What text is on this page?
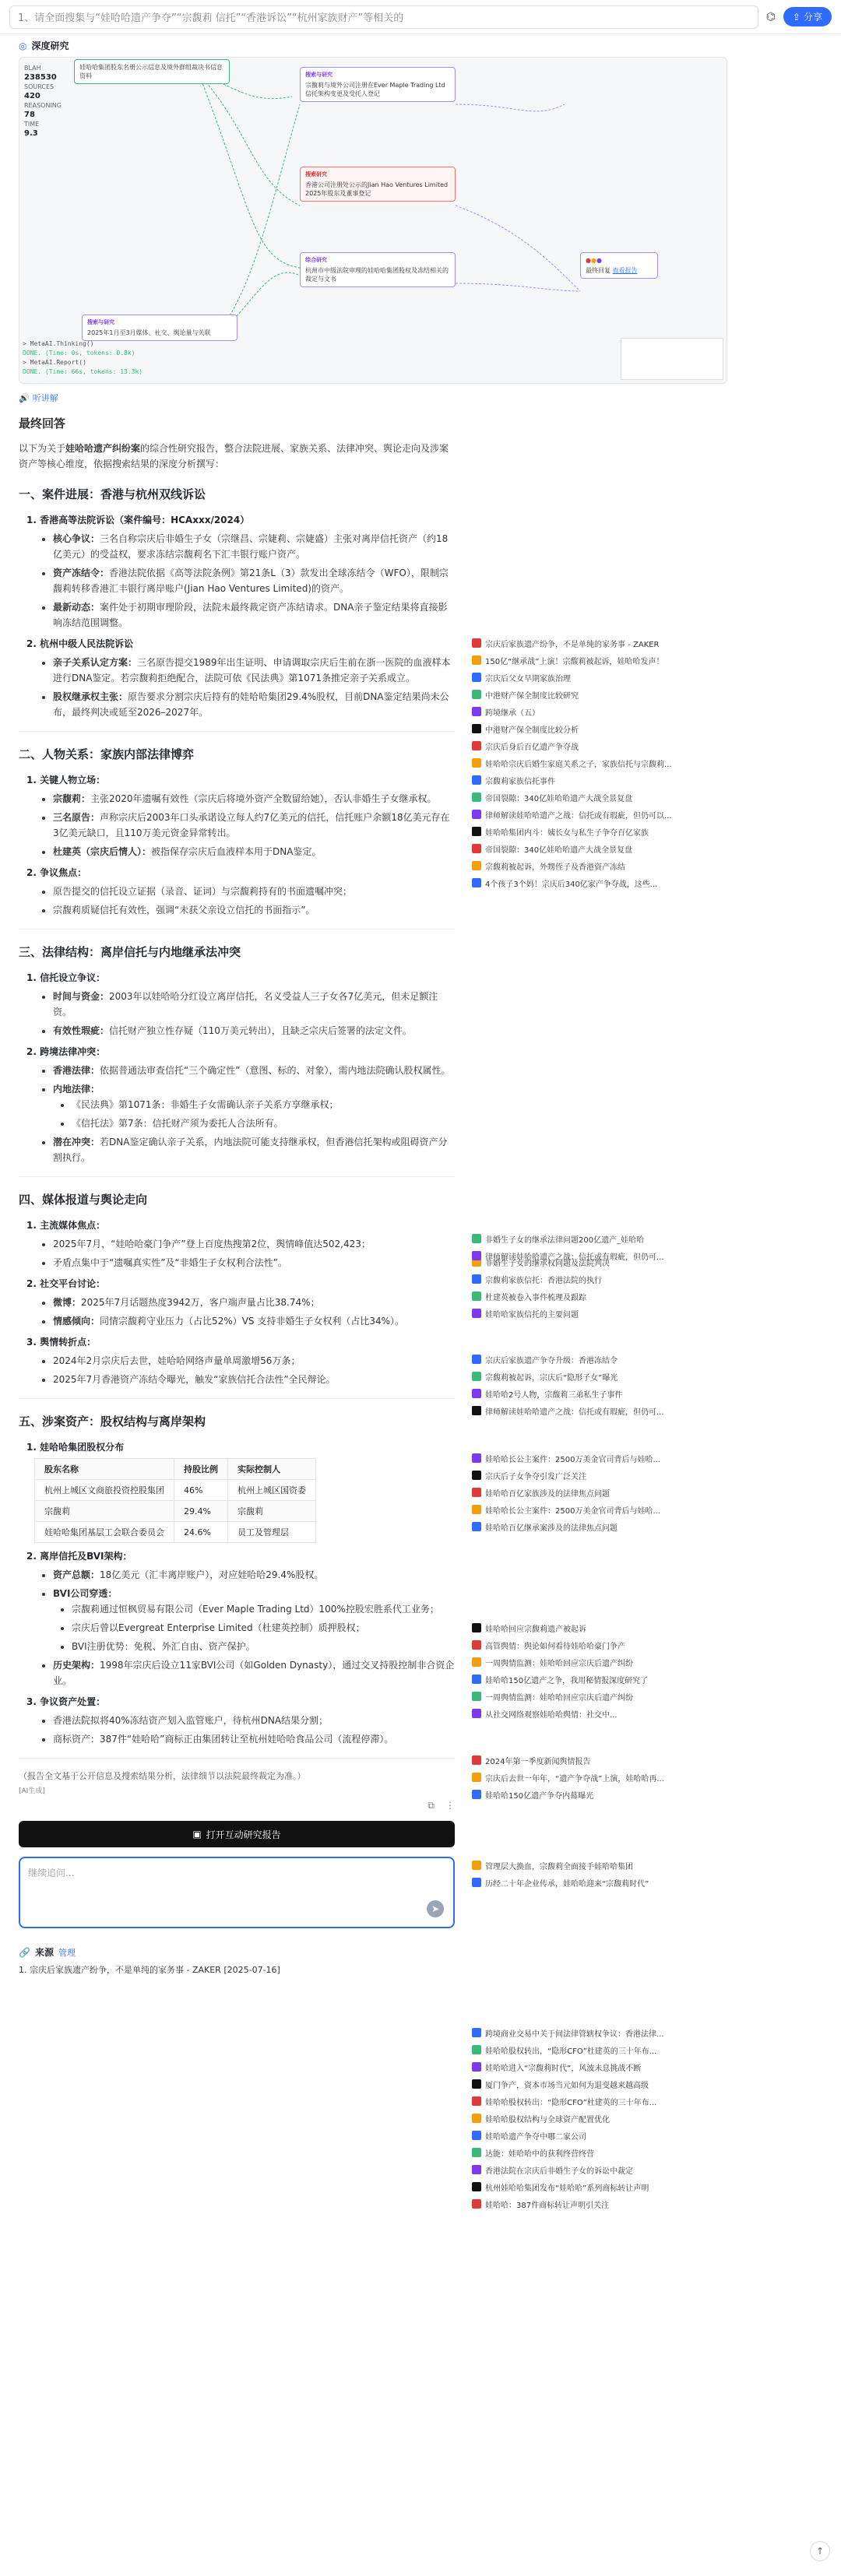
1、请全面搜集与“娃哈哈遗产争夺”“宗馥莉 信托”“香港诉讼”“杭州家族财产”等相关的	⌬ ⇪ 分享
◎ 深度研究
BLAH
238530
SOURCES
420
REASONING
78
TIME
9.3
娃哈哈集团股东名册公示信息及境外群组裁决书信息资料	搜索与研究
宗馥莉与境外公司注册在Ever Maple Trading Ltd信托架构变更及受托人登记
搜索研究
香港公司注册处公示的Jian Hao Ventures Limited 2025年股东及董事登记
综合研究
杭州市中级法院审理的娃哈哈集团股权及冻结相关的裁定与文书
搜索与研究
2025年1月至3月媒体、社交、舆论量与关联
●●●
最终回复 查看报告
> MetaAI.Thinking()
DONE. (Time: 0s, tokens: 0.8k)
> MetaAI.Report()
DONE. (Time: 66s, tokens: 13.3k)
🔊 听讲解
最终回答

以下为关于娃哈哈遗产纠纷案的综合性研究报告，整合法院进展、家族关系、法律冲突、舆论走向及涉案资产等核心维度，依据搜索结果的深度分析撰写：

一、案件进展：香港与杭州双线诉讼
1. 香港高等法院诉讼（案件编号：HCAxxx/2024）
• 核心争议：三名自称宗庆后非婚生子女（宗继昌、宗婕莉、宗婕盛）主张对离岸信托资产（约18亿美元）的受益权，要求冻结宗馥莉名下汇丰银行账户资产。
• 资产冻结令：香港法院依据《高等法院条例》第21条L（3）款发出全球冻结令（WFO），限制宗馥莉转移香港汇丰银行离岸账户(Jian Hao Ventures Limited)的资产。
• 最新动态：案件处于初期审理阶段，法院未最终裁定资产冻结请求。DNA亲子鉴定结果将直接影响冻结范围调整。
2. 杭州中级人民法院诉讼
• 亲子关系认定方案：三名原告提交1989年出生证明、申请调取宗庆后生前在浙一医院的血液样本进行DNA鉴定。若宗馥莉拒绝配合，法院可依《民法典》第1071条推定亲子关系成立。
• 股权继承权主张：原告要求分割宗庆后持有的娃哈哈集团29.4%股权，目前DNA鉴定结果尚未公布，最终判决或延至2026–2027年。
二、人物关系：家族内部法律博弈
1. 关键人物立场：
• 宗馥莉：主张2020年遗嘱有效性（宗庆后将境外资产全数留给她），否认非婚生子女继承权。
• 三名原告：声称宗庆后2003年口头承诺设立每人约7亿美元的信托，信托账户余额18亿美元存在3亿美元缺口，且110万美元资金异常转出。
• 杜建英（宗庆后情人）：被指保存宗庆后血液样本用于DNA鉴定。
2. 争议焦点：
• 原告提交的信托设立证据（录音、证词）与宗馥莉持有的书面遗嘱冲突；
• 宗馥莉质疑信托有效性，强调“未获父亲设立信托的书面指示”。
三、法律结构：离岸信托与内地继承法冲突
1. 信托设立争议：
• 时间与资金：2003年以娃哈哈分红设立离岸信托，名义受益人三子女各7亿美元，但未足额注资。
• 有效性瑕疵：信托财产独立性存疑（110万美元转出），且缺乏宗庆后签署的法定文件。
2. 跨境法律冲突：
• 香港法律：依据普通法审查信托“三个确定性”（意图、标的、对象），需内地法院确认股权属性。
• 内地法律：
• 《民法典》第1071条：非婚生子女需确认亲子关系方享继承权；
• 《信托法》第7条：信托财产须为委托人合法所有。
• 潜在冲突：若DNA鉴定确认亲子关系，内地法院可能支持继承权，但香港信托架构或阻碍资产分割执行。
四、媒体报道与舆论走向
1. 主流媒体焦点：
• 2025年7月，“娃哈哈豪门争产”登上百度热搜第2位，舆情峰值达502,423；
• 矛盾点集中于“遗嘱真实性”及“非婚生子女权利合法性”。
2. 社交平台讨论：
• 微博：2025年7月话题热度3942万，客户端声量占比38.74%；
• 情感倾向：同情宗馥莉守业压力（占比52%）VS 支持非婚生子女权利（占比34%）。
3. 舆情转折点：
• 2024年2月宗庆后去世，娃哈哈网络声量单周激增56万条；
• 2025年7月香港资产冻结令曝光，触发“家族信托合法性”全民辩论。
五、涉案资产：股权结构与离岸架构
1. 娃哈哈集团股权分布
股东名称	持股比例	实际控制人
杭州上城区文商旅投资控股集团	46%	杭州上城区国资委
宗馥莉	29.4%	宗馥莉
娃哈哈集团基层工会联合委员会	24.6%	员工及管理层
2. 离岸信托及BVI架构：
• 资产总额：18亿美元（汇丰离岸账户），对应娃哈哈29.4%股权。
• BVI公司穿透：
• 宗馥莉通过恒枫贸易有限公司（Ever Maple Trading Ltd）100%控股宏胜系代工业务；
• 宗庆后曾以Evergreat Enterprise Limited（杜建英控制）质押股权；
• BVI注册优势：免税、外汇自由、资产保护。
• 历史架构：1998年宗庆后设立11家BVI公司（如Golden Dynasty），通过交叉持股控制非合资企业。
3. 争议资产处置：
• 香港法院拟将40%冻结资产划入监管账户，待杭州DNA结果分割；
• 商标资产：387件“娃哈哈”商标正由集团转让至杭州娃哈哈食品公司（流程停滞）。
（报告全文基于公开信息及搜索结果分析，法律细节以法院最终裁定为准。）
[AI生成]
⧉ ⋮
▣ 打开互动研究报告
继续追问...
➤
🔗 来源 管理
1. 宗庆后家族遗产纷争，不是单纯的家务事 - ZAKER [2025-07-16]
宗庆后家族遗产纷争，不是单纯的家务事 - ZAKER
150亿“继承战”上演！宗馥莉被起诉，娃哈哈发声！
宗庆后父女早期家族治理
中港财产保全制度比较研究
跨境继承（五）
中港财产保全制度比较分析
宗庆后身后百亿遗产争夺战
娃哈哈宗庆后婚生家庭关系之子，家族信托与宗馥莉...
宗馥莉家族信托事件
帝国裂隙：340亿娃哈哈遗产大战全景复盘
律师解读娃哈哈遗产之战：信托或有瑕疵，但仍可以...
娃哈哈集团内斗：姨长女与私生子争夺百亿家族
帝国裂隙：340亿娃哈哈遗产大战全景复盘
宗馥莉被起诉，外甥侄子及香港资产冻结
4个孩子3个妈！宗庆后340亿家产争夺战，这些...
非婚生子女的继承权问题及法院判决
宗馥莉家族信托：香港法院的执行
杜建英被卷入事件梳理及跟踪
娃哈哈家族信托的主要问题
宗庆后家族遗产争夺升级：香港冻结令
宗馥莉被起诉，宗庆后“隐形子女”曝光
娃哈哈2号人物，宗馥莉三弟私生子事件
律师解读娃哈哈遗产之战：信托或有瑕疵，但仍可...
非婚生子女的继承法律问题200亿遗产_娃哈哈
律师解读娃哈哈遗产之战：信托或有瑕疵，但仍可...
娃哈哈长公主案件：2500万美金官司背后与娃哈...
宗庆后子女争夺引发广泛关注
娃哈哈百亿家族涉及的法律焦点问题
娃哈哈长公主案件：2500万美金官司背后与娃哈...
娃哈哈百亿继承案涉及的法律焦点问题
娃哈哈回应宗馥莉遗产被起诉
高管舆情：舆论如何看待娃哈哈豪门争产
一周舆情监测：娃哈哈回应宗庆后遗产纠纷
娃哈哈150亿遗产之争，我用秘情报深度研究了
一周舆情监测：娃哈哈回应宗庆后遗产纠纷
从社交网络观察娃哈哈舆情：社交中...
2024年第一季度新闻舆情报告
宗庆后去世一年年，“遗产争夺战”上演，娃哈哈再...
娃哈哈150亿遗产争夺内幕曝光
管理层大换血，宗馥莉全面接手娃哈哈集团
历经二十年企业传承，娃哈哈迎来“宗馥莉时代”
跨境商业交易中关于间法律管辖权争议：香港法律...
娃哈哈股权转出，“隐形CFO”杜建英的三十年布...
娃哈哈进入“宗馥莉时代”，风波未息挑战不断
厦门争产，资本市场当元如何为退变越来越高级
娃哈哈股权转出：“隐形CFO”杜建英的三十年布...
娃哈哈股权结构与全球资产配置优化
娃哈哈遗产争夺中哪二家公司
达能：娃哈哈中的获利终营终营
香港法院在宗庆后非婚生子女的诉讼中裁定
杭州娃哈哈集团发布“娃哈哈”系列商标转让声明
娃哈哈：387件商标转让声明引关注
↑
